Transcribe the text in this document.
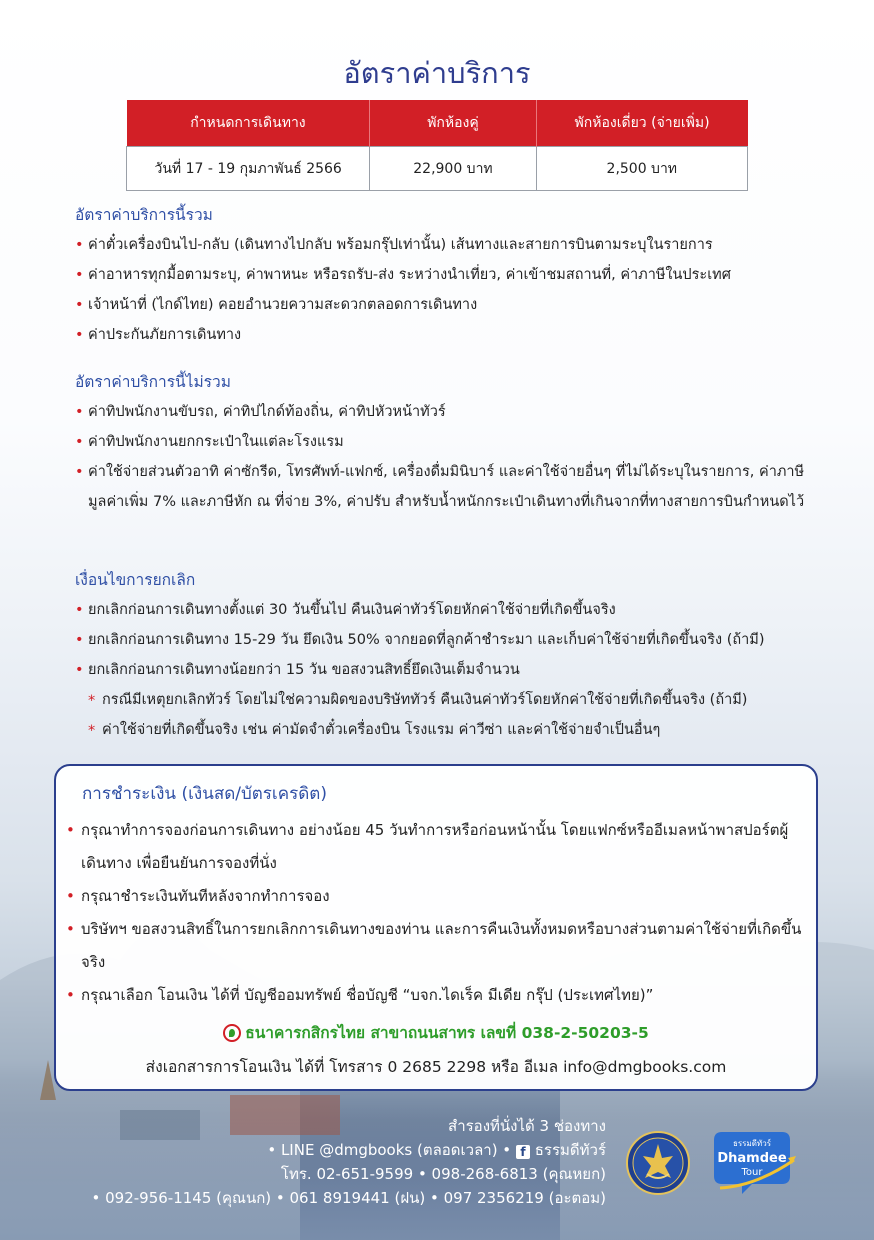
อัตราค่าบริการ
กำหนดการเดินทาง	พักห้องคู่	พักห้องเดี่ยว (จ่ายเพิ่ม)
วันที่ 17 - 19 กุมภาพันธ์ 2566	22,900 บาท	2,500 บาท
อัตราค่าบริการนี้รวม
• ค่าตั๋วเครื่องบินไป-กลับ (เดินทางไปกลับ พร้อมกรุ๊ปเท่านั้น) เส้นทางและสายการบินตามระบุในรายการ
• ค่าอาหารทุกมื้อตามระบุ, ค่าพาหนะ หรือรถรับ-ส่ง ระหว่างนำเที่ยว, ค่าเข้าชมสถานที่, ค่าภาษีในประเทศ
• เจ้าหน้าที่ (ไกด์ไทย) คอยอำนวยความสะดวกตลอดการเดินทาง
• ค่าประกันภัยการเดินทาง
อัตราค่าบริการนี้ไม่รวม
• ค่าทิปพนักงานขับรถ, ค่าทิปไกด์ท้องถิ่น, ค่าทิปหัวหน้าทัวร์
• ค่าทิปพนักงานยกกระเป๋าในแต่ละโรงแรม
• ค่าใช้จ่ายส่วนตัวอาทิ ค่าซักรีด, โทรศัพท์-แฟกซ์, เครื่องดื่มมินิบาร์ และค่าใช้จ่ายอื่นๆ ที่ไม่ได้ระบุในรายการ, ค่าภาษีมูลค่าเพิ่ม 7% และภาษีหัก ณ ที่จ่าย 3%, ค่าปรับ สำหรับน้ำหนักกระเป๋าเดินทางที่เกินจากที่ทางสายการบินกำหนดไว้
เงื่อนไขการยกเลิก
• ยกเลิกก่อนการเดินทางตั้งแต่ 30 วันขึ้นไป คืนเงินค่าทัวร์โดยหักค่าใช้จ่ายที่เกิดขึ้นจริง
• ยกเลิกก่อนการเดินทาง 15-29 วัน ยึดเงิน 50% จากยอดที่ลูกค้าชำระมา และเก็บค่าใช้จ่ายที่เกิดขึ้นจริง (ถ้ามี)
• ยกเลิกก่อนการเดินทางน้อยกว่า 15 วัน ขอสงวนสิทธิ์ยึดเงินเต็มจำนวน
* กรณีมีเหตุยกเลิกทัวร์ โดยไม่ใช่ความผิดของบริษัททัวร์ คืนเงินค่าทัวร์โดยหักค่าใช้จ่ายที่เกิดขึ้นจริง (ถ้ามี)
* ค่าใช้จ่ายที่เกิดขึ้นจริง เช่น ค่ามัดจำตั๋วเครื่องบิน โรงแรม ค่าวีซ่า และค่าใช้จ่ายจำเป็นอื่นๆ
การชำระเงิน (เงินสด/บัตรเครดิต)
• กรุณาทำการจองก่อนการเดินทาง อย่างน้อย 45 วันทำการหรือก่อนหน้านั้น โดยแฟกซ์หรืออีเมลหน้าพาสปอร์ตผู้เดินทาง เพื่อยืนยันการจองที่นั่ง
• กรุณาชำระเงินทันทีหลังจากทำการจอง
• บริษัทฯ ขอสงวนสิทธิ์ในการยกเลิกการเดินทางของท่าน และการคืนเงินทั้งหมดหรือบางส่วนตามค่าใช้จ่ายที่เกิดขึ้นจริง
• กรุณาเลือก โอนเงิน ได้ที่ บัญชีออมทรัพย์ ชื่อบัญชี “บจก.ไดเร็ค มีเดีย กรุ๊ป (ประเทศไทย)”
ธนาคารกสิกรไทย สาขาถนนสาทร เลขที่ 038-2-50203-5
ส่งเอกสารการโอนเงิน ได้ที่ โทรสาร 0 2685 2298 หรือ อีเมล info@dmgbooks.com
สำรองที่นั่งได้ 3 ช่องทาง
• LINE @dmgbooks (ตลอดเวลา) • f ธรรมดีทัวร์
โทร. 02-651-9599 • 098-268-6813 (คุณหยก)
• 092-956-1145 (คุณนก) • 061 8919441 (ฝน) • 097 2356219 (อะตอม)
ธรรมดีทัวร์
Dhamdee
Tour
